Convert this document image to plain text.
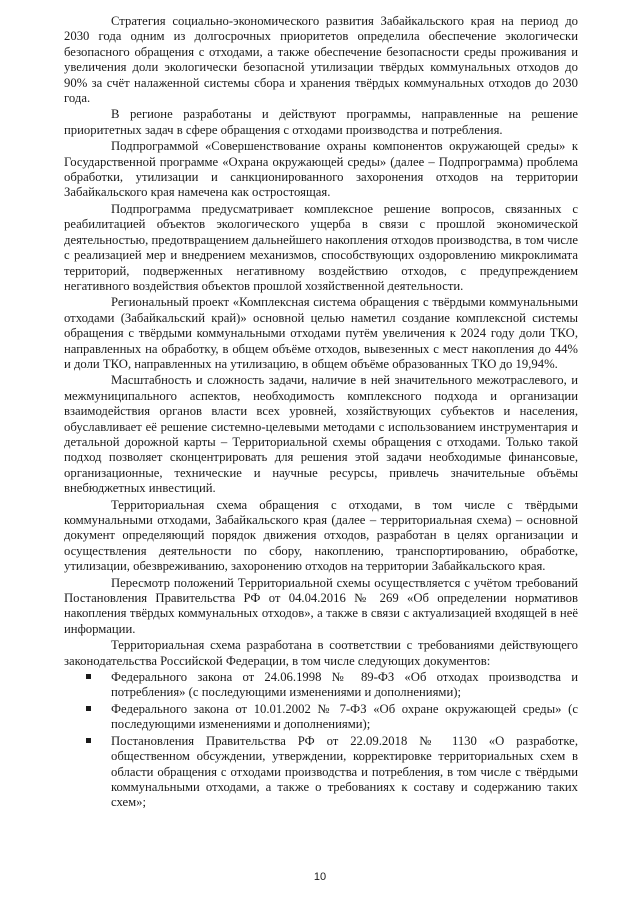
Стратегия социально-экономического развития Забайкальского края на период до 2030 года одним из долгосрочных приоритетов определила обеспечение экологически безопасного обращения с отходами, а также обеспечение безопасности среды проживания и увеличения доли экологически безопасной утилизации твёрдых коммунальных отходов до 90% за счёт налаженной системы сбора и хранения твёрдых коммунальных отходов до 2030 года.

В регионе разработаны и действуют программы, направленные на решение приоритетных задач в сфере обращения с отходами производства и потребления.

Подпрограммой «Совершенствование охраны компонентов окружающей среды» к Государственной программе «Охрана окружающей среды» (далее – Подпрограмма) проблема обработки, утилизации и санкционированного захоронения отходов на территории Забайкальского края намечена как остростоящая.

Подпрограмма предусматривает комплексное решение вопросов, связанных с реабилитацией объектов экологического ущерба в связи с прошлой экономической деятельностью, предотвращением дальнейшего накопления отходов производства, в том числе с реализацией мер и внедрением механизмов, способствующих оздоровлению микроклимата территорий, подверженных негативному воздействию отходов, с предупреждением негативного воздействия объектов прошлой хозяйственной деятельности.

Региональный проект «Комплексная система обращения с твёрдыми коммунальными отходами (Забайкальский край)» основной целью наметил создание комплексной системы обращения с твёрдыми коммунальными отходами путём увеличения к 2024 году доли ТКО, направленных на обработку, в общем объёме отходов, вывезенных с мест накопления до 44% и доли ТКО, направленных на утилизацию, в общем объёме образованных ТКО до 19,94%.

Масштабность и сложность задачи, наличие в ней значительного межотраслевого, и межмуниципального аспектов, необходимость комплексного подхода и организации взаимодействия органов власти всех уровней, хозяйствующих субъектов и населения, обуславливает её решение системно-целевыми методами с использованием инструментария и детальной дорожной карты – Территориальной схемы обращения с отходами. Только такой подход позволяет сконцентрировать для решения этой задачи необходимые финансовые, организационные, технические и научные ресурсы, привлечь значительные объёмы внебюджетных инвестиций.

Территориальная схема обращения с отходами, в том числе с твёрдыми коммунальными отходами, Забайкальского края (далее – территориальная схема) – основной документ определяющий порядок движения отходов, разработан в целях организации и осуществления деятельности по сбору, накоплению, транспортированию, обработке, утилизации, обезвреживанию, захоронению отходов на территории Забайкальского края.

Пересмотр положений Территориальной схемы осуществляется с учётом требований Постановления Правительства РФ от 04.04.2016 № 269 «Об определении нормативов накопления твёрдых коммунальных отходов», а также в связи с актуализацией входящей в неё информации.

Территориальная схема разработана в соответствии с требованиями действующего законодательства Российской Федерации, в том числе следующих документов:

Федерального закона от 24.06.1998 № 89-ФЗ «Об отходах производства и потребления» (с последующими изменениями и дополнениями);
Федерального закона от 10.01.2002 № 7-ФЗ «Об охране окружающей среды» (с последующими изменениями и дополнениями);
Постановления Правительства РФ от 22.09.2018 № 1130 «О разработке, общественном обсуждении, утверждении, корректировке территориальных схем в области обращения с отходами производства и потребления, в том числе с твёрдыми коммунальными отходами, а также о требованиях к составу и содержанию таких схем»;
10
